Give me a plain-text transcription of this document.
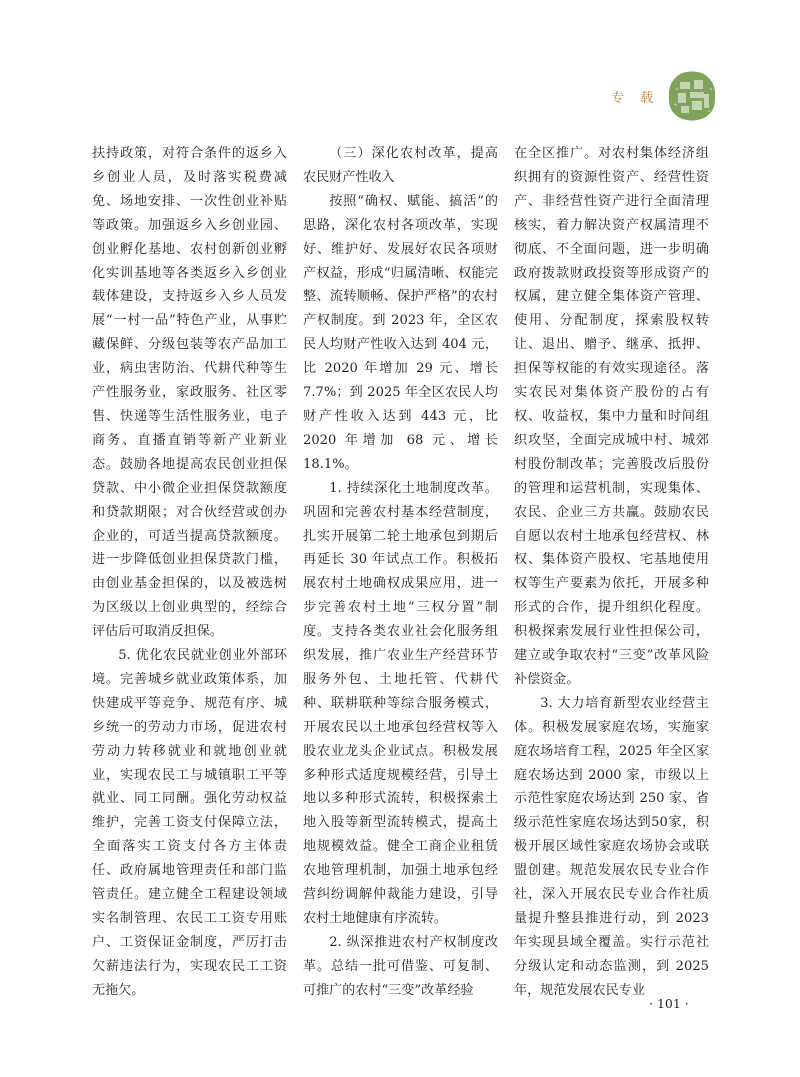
专 载

扶持政策，对符合条件的返乡入乡创业人员，及时落实税费减免、场地安排、一次性创业补贴等政策。加强返乡入乡创业园、创业孵化基地、农村创新创业孵化实训基地等各类返乡入乡创业载体建设，支持返乡入乡人员发展“一村一品”特色产业，从事贮藏保鲜、分级包装等农产品加工业，病虫害防治、代耕代种等生产性服务业，家政服务、社区零售、快递等生活性服务业，电子商务、直播直销等新产业新业态。鼓励各地提高农民创业担保贷款、中小微企业担保贷款额度和贷款期限；对合伙经营或创办企业的，可适当提高贷款额度。进一步降低创业担保贷款门槛，由创业基金担保的，以及被选树为区级以上创业典型的，经综合评估后可取消反担保。

5. 优化农民就业创业外部环境。完善城乡就业政策体系，加快建成平等竞争、规范有序、城乡统一的劳动力市场，促进农村劳动力转移就业和就地创业就业，实现农民工与城镇职工平等就业、同工同酬。强化劳动权益维护，完善工资支付保障立法，全面落实工资支付各方主体责任、政府属地管理责任和部门监管责任。建立健全工程建设领域实名制管理、农民工工资专用账户、工资保证金制度，严厉打击欠薪违法行为，实现农民工工资无拖欠。

（三）深化农村改革，提高农民财产性收入

按照“确权、赋能、搞活”的思路，深化农村各项改革，实现好、维护好、发展好农民各项财产权益，形成“归属清晰、权能完整、流转顺畅、保护严格”的农村产权制度。到 2023 年，全区农民人均财产性收入达到 404 元，比 2020 年增加 29 元、增长 7.7%；到 2025 年全区农民人均财产性收入达到 443 元，比 2020 年增加 68 元、增长 18.1%。

1. 持续深化土地制度改革。巩固和完善农村基本经营制度，扎实开展第二轮土地承包到期后再延长 30 年试点工作。积极拓展农村土地确权成果应用，进一步完善农村土地“三权分置”制度。支持各类农业社会化服务组织发展，推广农业生产经营环节服务外包、土地托管、代耕代种、联耕联种等综合服务模式，开展农民以土地承包经营权等入股农业龙头企业试点。积极发展多种形式适度规模经营，引导土地以多种形式流转，积极探索土地入股等新型流转模式，提高土地规模效益。健全工商企业租赁农地管理机制，加强土地承包经营纠纷调解仲裁能力建设，引导农村土地健康有序流转。

2. 纵深推进农村产权制度改革。总结一批可借鉴、可复制、可推广的农村“三变”改革经验

在全区推广。对农村集体经济组织拥有的资源性资产、经营性资产、非经营性资产进行全面清理核实，着力解决资产权属清理不彻底、不全面问题，进一步明确政府拨款财政投资等形成资产的权属，建立健全集体资产管理、使用、分配制度，探索股权转让、退出、赠予、继承、抵押、担保等权能的有效实现途径。落实农民对集体资产股份的占有权、收益权，集中力量和时间组织攻坚，全面完成城中村、城郊村股份制改革；完善股改后股份的管理和运营机制，实现集体、农民、企业三方共赢。鼓励农民自愿以农村土地承包经营权、林权、集体资产股权、宅基地使用权等生产要素为依托，开展多种形式的合作，提升组织化程度。积极探索发展行业性担保公司，建立或争取农村“三变”改革风险补偿资金。

3. 大力培育新型农业经营主体。积极发展家庭农场，实施家庭农场培育工程，2025 年全区家庭农场达到 2000 家，市级以上示范性家庭农场达到 250 家、省级示范性家庭农场达到50家，积极开展区域性家庭农场协会或联盟创建。规范发展农民专业合作社，深入开展农民专业合作社质量提升整县推进行动，到 2023 年实现县域全覆盖。实行示范社分级认定和动态监测，到 2025 年，规范发展农民专业

· 101 ·
